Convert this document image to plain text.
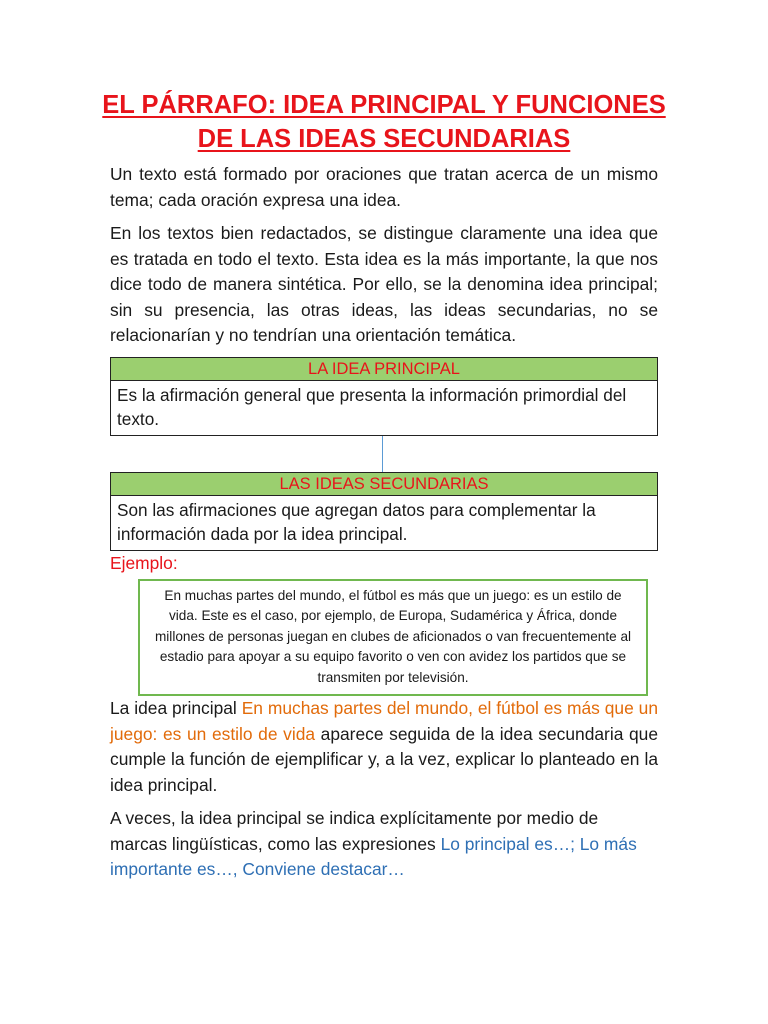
EL PÁRRAFO: IDEA PRINCIPAL Y FUNCIONES
DE LAS IDEAS SECUNDARIAS

Un texto está formado por oraciones que tratan acerca de un mismo tema; cada oración expresa una idea.

En los textos bien redactados, se distingue claramente una idea que es tratada en todo el texto. Esta idea es la más importante, la que nos dice todo de manera sintética. Por ello, se la denomina idea principal; sin su presencia, las otras ideas, las ideas secundarias, no se relacionarían y no tendrían una orientación temática.

LA IDEA PRINCIPAL
Es la afirmación general que presenta la información primordial del texto.
LAS IDEAS SECUNDARIAS
Son las afirmaciones que agregan datos para complementar la información dada por la idea principal.
Ejemplo:
En muchas partes del mundo, el fútbol es más que un juego: es un estilo de vida. Este es el caso, por ejemplo, de Europa, Sudamérica y África, donde millones de personas juegan en clubes de aficionados o van frecuentemente al estadio para apoyar a su equipo favorito o ven con avidez los partidos que se transmiten por televisión.

La idea principal En muchas partes del mundo, el fútbol es más que un juego: es un estilo de vida aparece seguida de la idea secundaria que cumple la función de ejemplificar y, a la vez, explicar lo planteado en la idea principal.

A veces, la idea principal se indica explícitamente por medio de marcas lingüísticas, como las expresiones Lo principal es…; Lo más importante es…, Conviene destacar…
